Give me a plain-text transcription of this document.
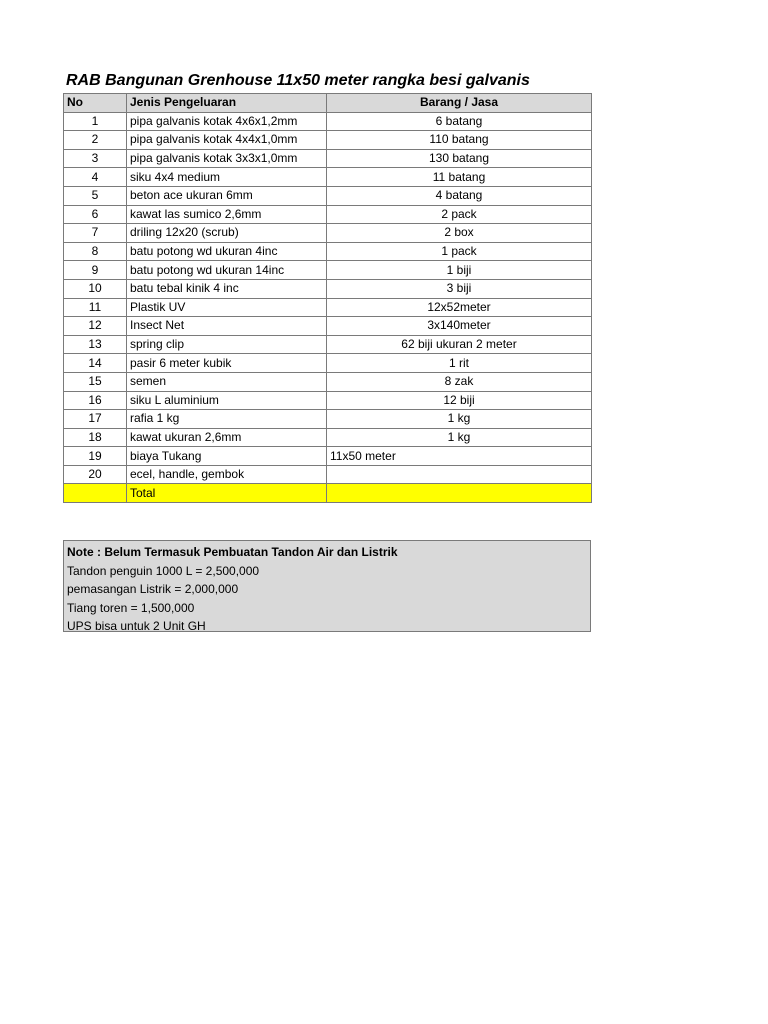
RAB Bangunan Grenhouse 11x50 meter rangka besi galvanis
No	Jenis Pengeluaran	Barang / Jasa
1	pipa galvanis kotak 4x6x1,2mm	6 batang
2	pipa galvanis kotak 4x4x1,0mm	110 batang
3	pipa galvanis kotak 3x3x1,0mm	130 batang
4	siku 4x4 medium	11 batang
5	beton ace ukuran 6mm	4 batang
6	kawat las sumico 2,6mm	2 pack
7	driling 12x20 (scrub)	2 box
8	batu potong wd ukuran 4inc	1 pack
9	batu potong wd ukuran 14inc	1 biji
10	batu tebal kinik 4 inc	3 biji
11	Plastik UV	12x52meter
12	Insect Net	3x140meter
13	spring clip	62 biji ukuran 2 meter
14	pasir 6 meter kubik	1 rit
15	semen	8 zak
16	siku L aluminium	12 biji
17	rafia 1 kg	1 kg
18	kawat ukuran 2,6mm	1 kg
19	biaya Tukang	11x50 meter
20	ecel, handle, gembok	
	Total	
Note : Belum Termasuk Pembuatan Tandon Air dan Listrik
Tandon penguin 1000 L = 2,500,000
pemasangan Listrik = 2,000,000
Tiang toren = 1,500,000
UPS bisa untuk 2 Unit GH
